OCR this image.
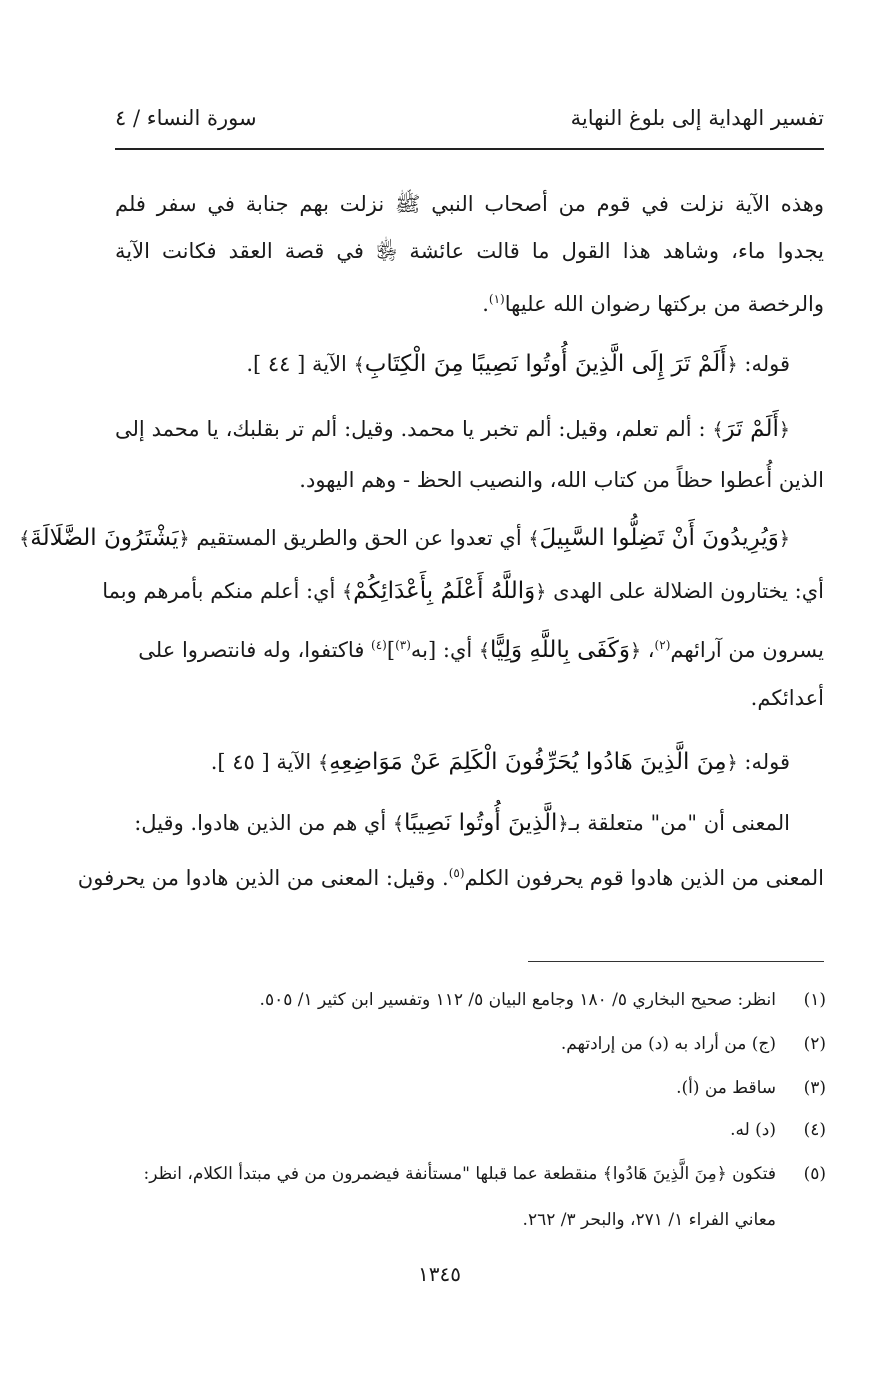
تفسير الهداية إلى بلوغ النهاية
سورة النساء / ٤
وهذه الآية نزلت في قوم من أصحاب النبي ﷺ نزلت بهم جنابة في سفر فلم
يجدوا ماء، وشاهد هذا القول ما قالت عائشة ﵂ في قصة العقد فكانت الآية
والرخصة من بركتها رضوان الله عليها$^{(١)}$.
قوله: ﴿أَلَمْ تَرَ إِلَى الَّذِينَ أُوتُوا نَصِيبًا مِنَ الْكِتَابِ﴾ الآية [ ٤٤ ].
﴿أَلَمْ تَرَ﴾ : ألم تعلم، وقيل: ألم تخبر يا محمد. وقيل: ألم تر بقلبك، يا محمد إلى
الذين أُعطوا حظاً من كتاب الله، والنصيب الحظ - وهم اليهود.
﴿وَيُرِيدُونَ أَنْ تَضِلُّوا السَّبِيلَ﴾ أي تعدوا عن الحق والطريق المستقيم ﴿يَشْتَرُونَ الضَّلَالَةَ﴾
أي: يختارون الضلالة على الهدى ﴿وَاللَّهُ أَعْلَمُ بِأَعْدَائِكُمْ﴾ أي: أعلم منكم بأمرهم وبما
يسرون من آرائهم$^{(٢)}$، ﴿وَكَفَى بِاللَّهِ وَلِيًّا﴾ أي: [به$^{(٣)}$]$^{(٤)}$ فاكتفوا، وله فانتصروا على
أعدائكم.
قوله: ﴿مِنَ الَّذِينَ هَادُوا يُحَرِّفُونَ الْكَلِمَ عَنْ مَوَاضِعِهِ﴾ الآية [ ٤٥ ].
المعنى أن "من" متعلقة بـ﴿الَّذِينَ أُوتُوا نَصِيبًا﴾ أي هم من الذين هادوا. وقيل:
المعنى من الذين هادوا قوم يحرفون الكلم$^{(٥)}$. وقيل: المعنى من الذين هادوا من يحرفون
(١)انظر: صحيح البخاري ٥/ ١٨٠ وجامع البيان ٥/ ١١٢ وتفسير ابن كثير ١/ ٥٠٥.
(٢)(ج) من أراد به (د) من إرادتهم.
(٣)ساقط من (أ).
(٤)(د) له.
(٥)فتكون ﴿مِنَ الَّذِينَ هَادُوا﴾ منقطعة عما قبلها "مستأنفة فيضمرون من في مبتدأ الكلام، انظر:
معاني الفراء ١/ ٢٧١، والبحر ٣/ ٢٦٢.
١٣٤٥
